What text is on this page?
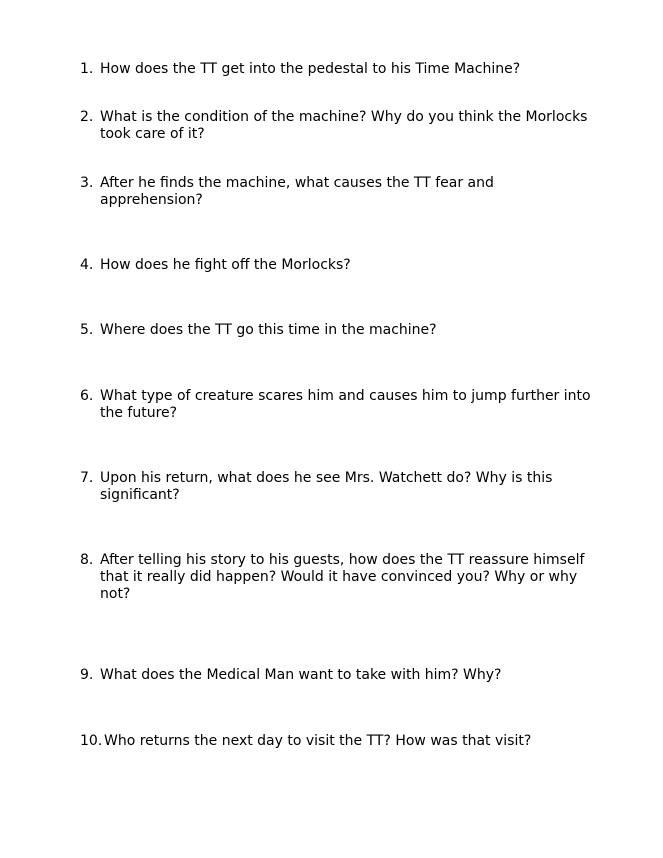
1. How does the TT get into the pedestal to his Time Machine?
2. What is the condition of the machine? Why do you think the Morlocks
took care of it?
3. After he finds the machine, what causes the TT fear and
apprehension?
4. How does he fight off the Morlocks?
5. Where does the TT go this time in the machine?
6. What type of creature scares him and causes him to jump further into
the future?
7. Upon his return, what does he see Mrs. Watchett do? Why is this
significant?
8. After telling his story to his guests, how does the TT reassure himself
that it really did happen? Would it have convinced you? Why or why
not?
9. What does the Medical Man want to take with him? Why?
10. Who returns the next day to visit the TT? How was that visit?
